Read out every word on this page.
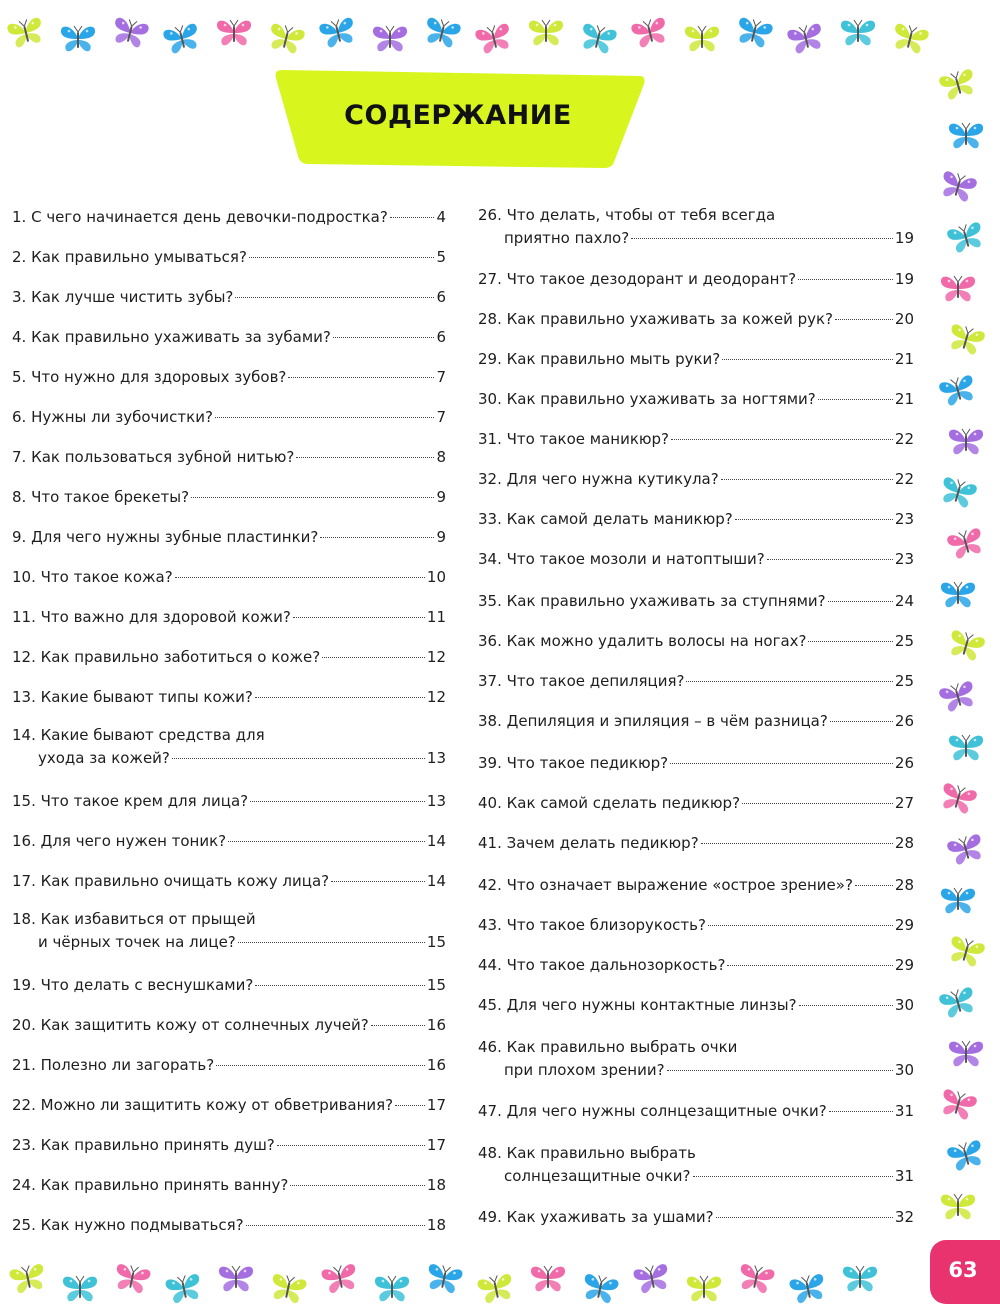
СОДЕРЖАНИЕ
1. С чего начинается день девочки-подростка?	4
2. Как правильно умываться?	5
3. Как лучше чистить зубы?	6
4. Как правильно ухаживать за зубами?	6
5. Что нужно для здоровых зубов?	7
6. Нужны ли зубочистки?	7
7. Как пользоваться зубной нитью?	8
8. Что такое брекеты?	9
9. Для чего нужны зубные пластинки?	9
10. Что такое кожа?	10
11. Что важно для здоровой кожи?	11
12. Как правильно заботиться о коже?	12
13. Какие бывают типы кожи?	12
14. Какие бывают средства для
ухода за кожей?	13
15. Что такое крем для лица?	13
16. Для чего нужен тоник?	14
17. Как правильно очищать кожу лица?	14
18. Как избавиться от прыщей
и чёрных точек на лице?	15
19. Что делать с веснушками?	15
20. Как защитить кожу от солнечных лучей?	16
21. Полезно ли загорать?	16
22. Можно ли защитить кожу от обветривания? 17
23. Как правильно принять душ?	17
24. Как правильно принять ванну?	18
25. Как нужно подмываться?	18
26. Что делать, чтобы от тебя всегда
приятно пахло?	19
27. Что такое дезодорант и деодорант?	19
28. Как правильно ухаживать за кожей рук?	20
29. Как правильно мыть руки?	21
30. Как правильно ухаживать за ногтями?	21
31. Что такое маникюр?	22
32. Для чего нужна кутикула?	22
33. Как самой делать маникюр?	23
34. Что такое мозоли и натоптыши?	23
35. Как правильно ухаживать за ступнями?	24
36. Как можно удалить волосы на ногах?	25
37. Что такое депиляция?	25
38. Депиляция и эпиляция – в чём разница?	26
39. Что такое педикюр?	26
40. Как самой сделать педикюр?	27
41. Зачем делать педикюр?	28
42. Что означает выражение «острое зрение»?	28
43. Что такое близорукость?	29
44. Что такое дальнозоркость?	29
45. Для чего нужны контактные линзы?	30
46. Как правильно выбрать очки
при плохом зрении?	30
47. Для чего нужны солнцезащитные очки?	31
48. Как правильно выбрать
солнцезащитные очки?	31
49. Как ухаживать за ушами?	32
63
